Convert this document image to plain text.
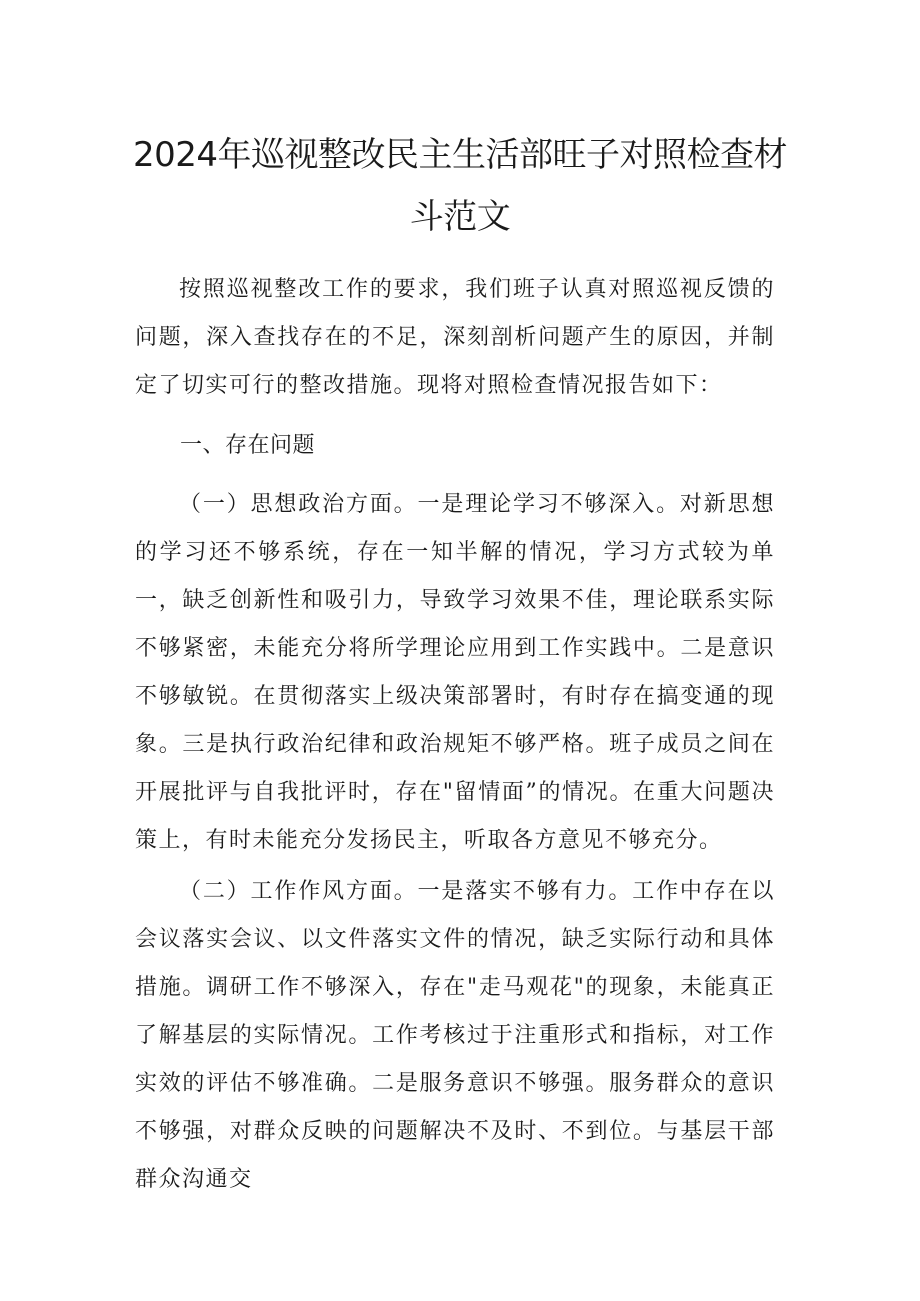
2024年巡视整改民主生活部旺子对照检查材
斗范文

按照巡视整改工作的要求，我们班子认真对照巡视反馈的问题，深入查找存在的不足，深刻剖析问题产生的原因，并制定了切实可行的整改措施。现将对照检查情况报告如下：

一、存在问题

（一）思想政治方面。一是理论学习不够深入。对新思想的学习还不够系统，存在一知半解的情况，学习方式较为单一，缺乏创新性和吸引力，导致学习效果不佳，理论联系实际不够紧密，未能充分将所学理论应用到工作实践中。二是意识不够敏锐。在贯彻落实上级决策部署时，有时存在搞变通的现象。三是执行政治纪律和政治规矩不够严格。班子成员之间在开展批评与自我批评时，存在"留情面”的情况。在重大问题决策上，有时未能充分发扬民主，听取各方意见不够充分。

（二）工作作风方面。一是落实不够有力。工作中存在以会议落实会议、以文件落实文件的情况，缺乏实际行动和具体措施。调研工作不够深入，存在"走马观花"的现象，未能真正了解基层的实际情况。工作考核过于注重形式和指标，对工作实效的评估不够准确。二是服务意识不够强。服务群众的意识不够强，对群众反映的问题解决不及时、不到位。与基层干部群众沟通交
